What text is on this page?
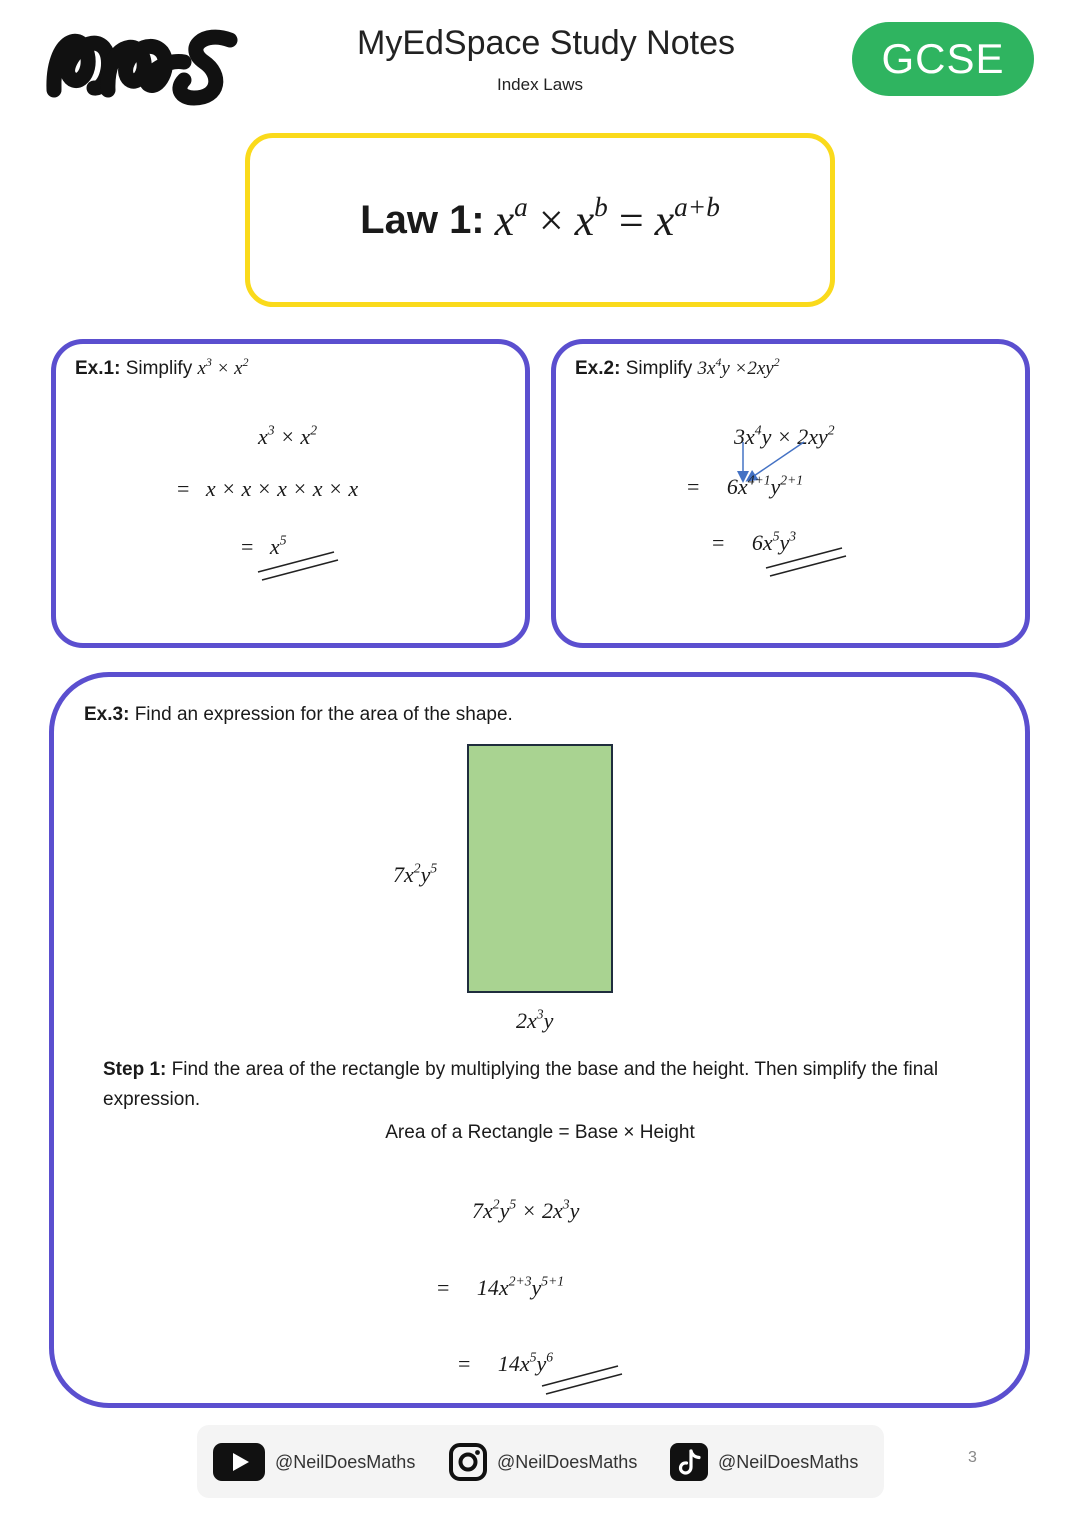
MyEdSpace Study Notes
Index Laws
GCSE
Law 1: $x^a \times x^b = x^{a+b}$
Ex.1: Simplify $x^3 \times x^2$
$x^3 \times x^2$
= x × x × x × x × x
= $x^5$
Ex.2: Simplify $3x^4y \times 2xy^2$
$3x^4y \times 2xy^2$
= $6x^{4+1}y^{2+1}$
= $6x^5y^3$
Ex.3: Find an expression for the area of the shape.
$7x^2y^5$
$2x^3y$
Step 1: Find the area of the rectangle by multiplying the base and the height. Then simplify the final expression.
Area of a Rectangle = Base × Height
$7x^2y^5 \times 2x^3y$
= $14x^{2+3}y^{5+1}$
= $14x^5y^6$
@NeilDoesMaths	@NeilDoesMaths	@NeilDoesMaths	3
